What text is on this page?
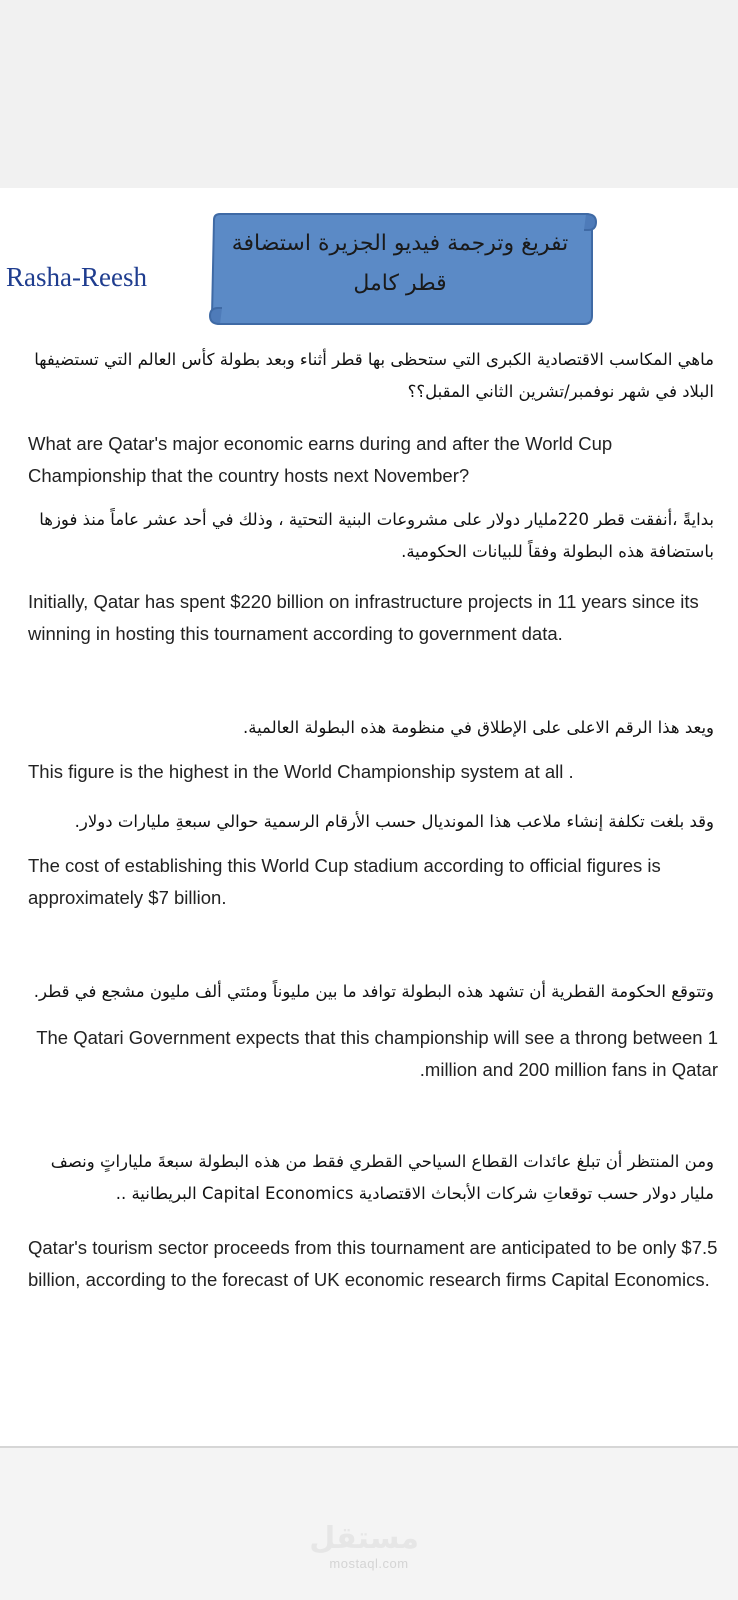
Rasha-Reesh

تفريغ وترجمة فيديو الجزيرة استضافة
قطر كامل

ماهي المكاسب الاقتصادية الكبرى التي ستحظى بها قطر أثناء وبعد بطولة كأس العالم التي تستضيفها البلاد في شهر نوفمبر/تشرين الثاني المقبل؟؟

What are Qatar's major economic earns during and after the World Cup Championship that the country hosts next November?

بدايةً ،أنفقت قطر 220مليار دولار على مشروعات البنية التحتية ، وذلك في أحد عشر عاماً منذ فوزها باستضافة هذه البطولة وفقاً للبيانات الحكومية.

Initially, Qatar has spent $220 billion on infrastructure projects in 11 years since its winning in hosting this tournament according to government data.

ويعد هذا الرقم الاعلى على الإطلاق في منظومة هذه البطولة العالمية.

This figure is the highest in the World Championship system at all .

وقد بلغت تكلفة إنشاء ملاعب هذا المونديال حسب الأرقام الرسمية حوالي سبعةِ مليارات دولار.

The cost of establishing this World Cup stadium according to official figures is approximately $7 billion.

وتتوقع الحكومة القطرية أن تشهد هذه البطولة توافد ما بين مليوناً ومئتي ألف مليون مشجع في قطر.

The Qatari Government expects that this championship will see a throng between 1 million and 200 million fans in Qatar.

ومن المنتظر أن تبلغ عائدات القطاع السياحي القطري فقط من هذه البطولة سبعةَ ملياراتٍ ونصف مليار دولار حسب توقعاتِ شركات الأبحاث الاقتصادية Capital Economics البريطانية ..

Qatar's tourism sector proceeds from this tournament are anticipated to be only $7.5 billion, according to the forecast of UK economic research firms Capital Economics.

مستقل
mostaql.com
